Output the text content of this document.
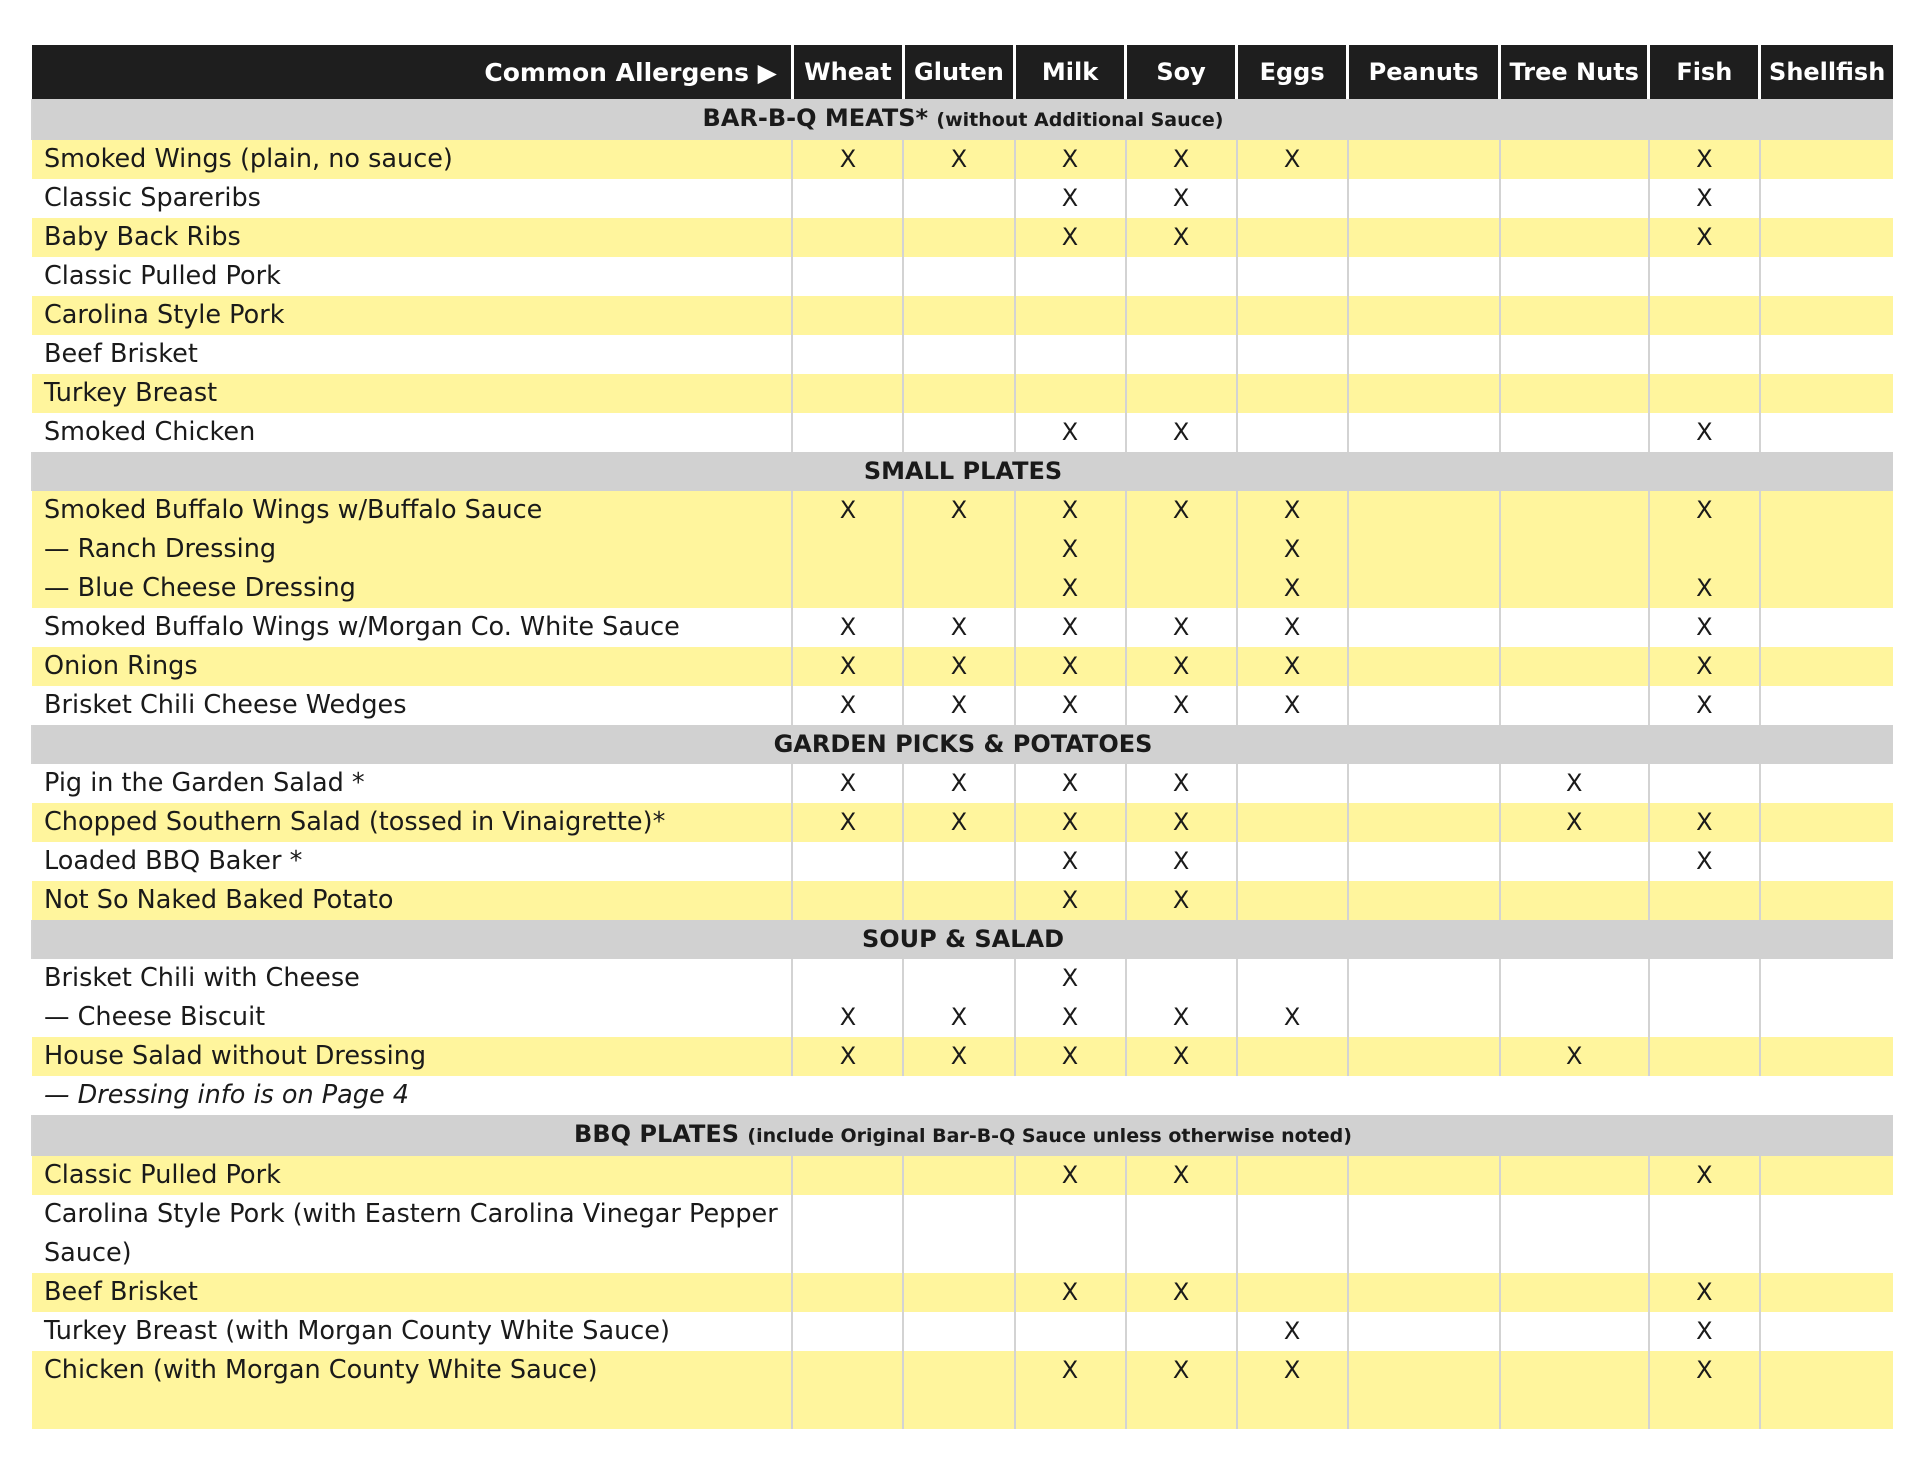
Common Allergens ▶	Wheat	Gluten	Milk	Soy	Eggs	Peanuts	Tree Nuts	Fish	Shellfish
BAR-B-Q MEATS* (without Additional Sauce)									
Smoked Wings (plain, no sauce)	X	X	X	X	X			X	
Classic Spareribs			X	X				X	
Baby Back Ribs			X	X				X	
Classic Pulled Pork									
Carolina Style Pork									
Beef Brisket									
Turkey Breast									
Smoked Chicken			X	X				X	
SMALL PLATES									
Smoked Buffalo Wings w/Buffalo Sauce	X	X	X	X	X			X	
— Ranch Dressing			X		X				
— Blue Cheese Dressing			X		X			X	
Smoked Buffalo Wings w/Morgan Co. White Sauce	X	X	X	X	X			X	
Onion Rings	X	X	X	X	X			X	
Brisket Chili Cheese Wedges	X	X	X	X	X			X	
GARDEN PICKS & POTATOES									
Pig in the Garden Salad *	X	X	X	X			X		
Chopped Southern Salad (tossed in Vinaigrette)*	X	X	X	X			X	X	
Loaded BBQ Baker *			X	X				X	
Not So Naked Baked Potato			X	X					
SOUP & SALAD									
Brisket Chili with Cheese			X						
— Cheese Biscuit	X	X	X	X	X				
House Salad without Dressing	X	X	X	X			X		
— Dressing info is on Page 4									
BBQ PLATES (include Original Bar-B-Q Sauce unless otherwise noted)									
Classic Pulled Pork			X	X				X	
Carolina Style Pork (with Eastern Carolina Vinegar Pepper Sauce)									
Beef Brisket			X	X				X	
Turkey Breast (with Morgan County White Sauce)					X			X	
Chicken (with Morgan County White Sauce)			X	X	X			X	
